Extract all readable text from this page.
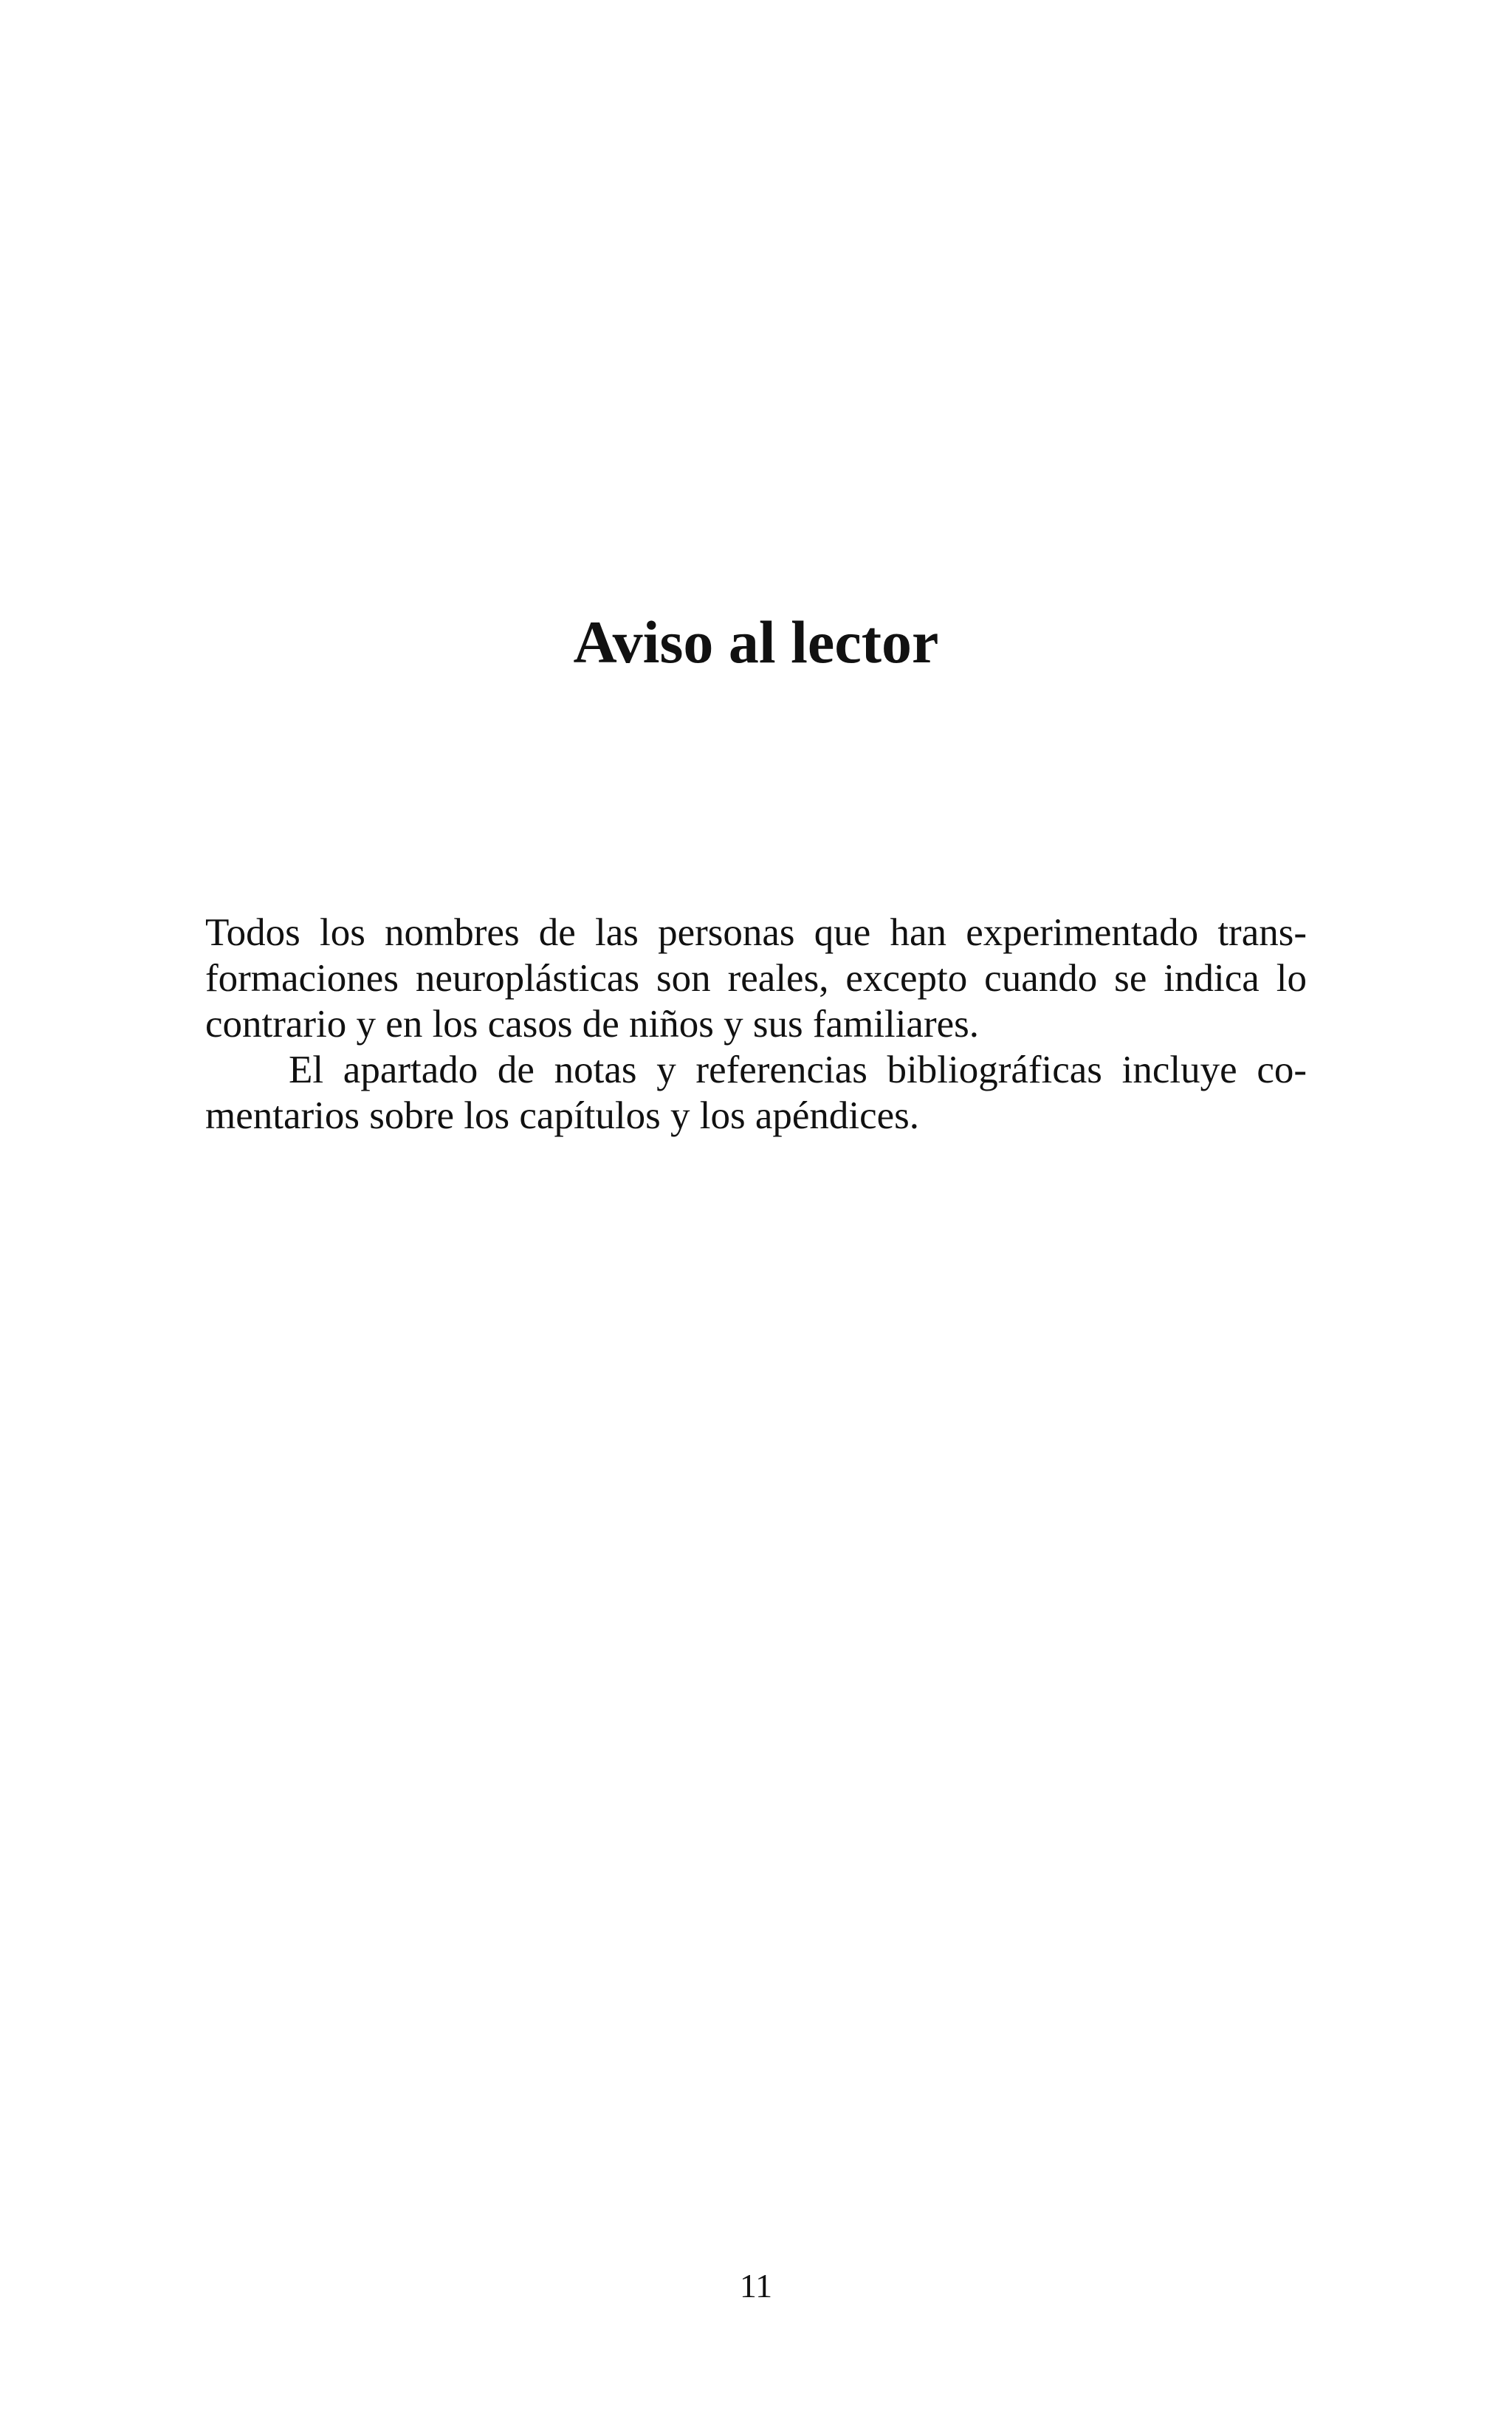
Aviso al lector

Todos los nombres de las personas que han experimentado trans-
formaciones neuroplásticas son reales, excepto cuando se indica lo
contrario y en los casos de niños y sus familiares.

El apartado de notas y referencias bibliográficas incluye co-
mentarios sobre los capítulos y los apéndices.

11
